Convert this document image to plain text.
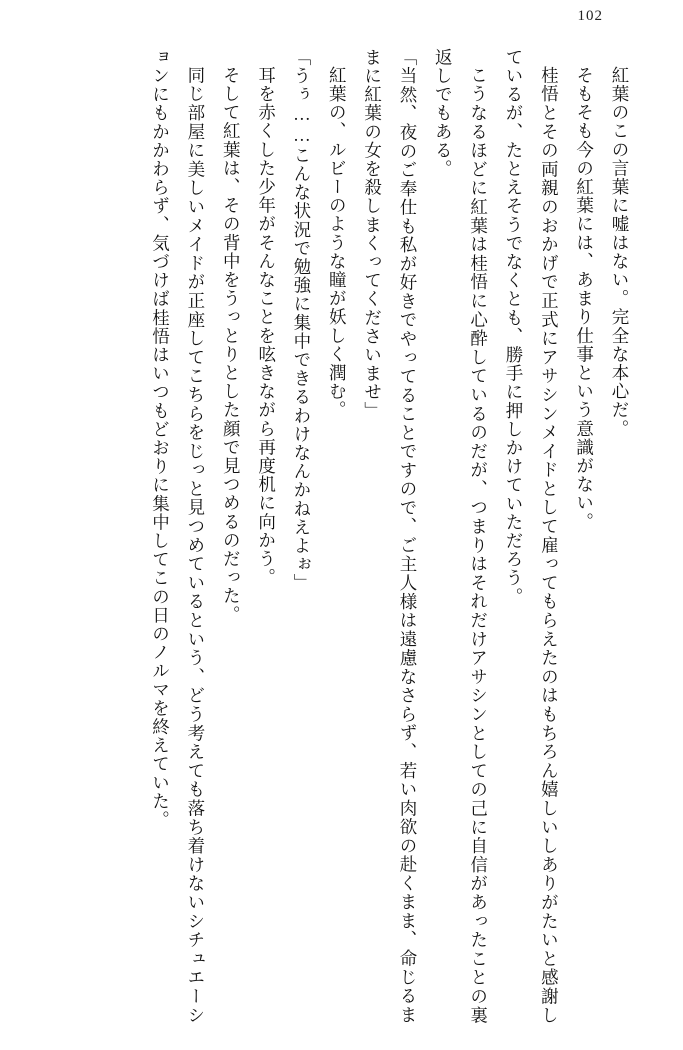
102

紅葉のこの言葉に嘘はない。完全な本心だ。

そもそも今の紅葉には、あまり仕事という意識がない。

桂悟とその両親のおかげで正式にアサシンメイドとして雇ってもらえたのはもちろん嬉しいしありがたいと感謝しているが、たとえそうでなくとも、勝手に押しかけていただろう。

こうなるほどに紅葉は桂悟に心酔しているのだが、つまりはそれだけアサシンとしての己に自信があったことの裏返しでもある。

「当然、夜のご奉仕も私が好きでやってることですので、ご主人様は遠慮なさらず、若い肉欲の赴くまま、命じるままに紅葉の女を殺しまくってくださいませ」

紅葉の、ルビーのような瞳が妖しく潤む。

「うぅ……こんな状況で勉強に集中できるわけなんかねえよぉ」

耳を赤くした少年がそんなことを呟きながら再度机に向かう。

そして紅葉は、その背中をうっとりとした顔で見つめるのだった。

同じ部屋に美しいメイドが正座してこちらをじっと見つめているという、どう考えても落ち着けないシチュエーションにもかかわらず、気づけば桂悟はいつもどおりに集中してこの日のノルマを終えていた。
